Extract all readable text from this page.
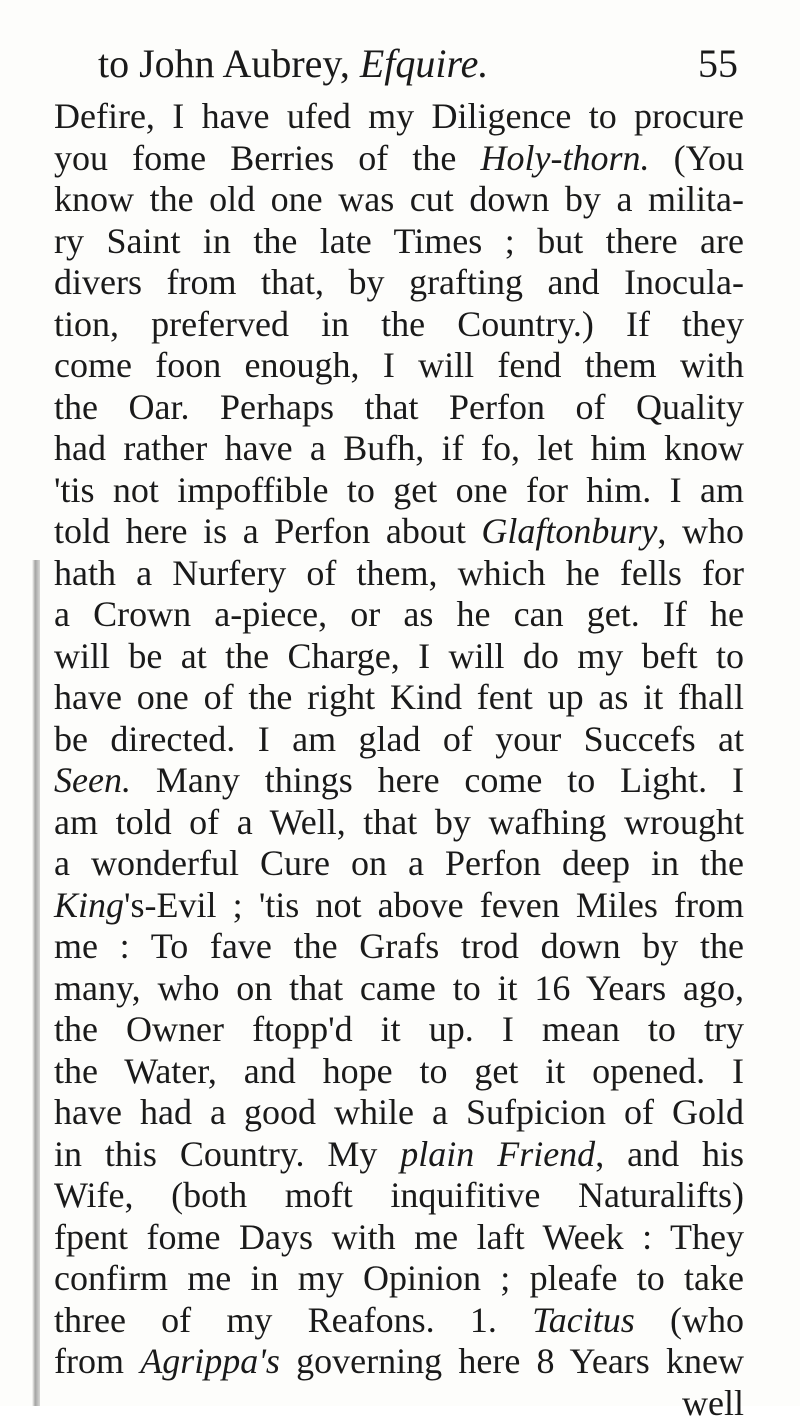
to John Aubrey, Efquire.	55
Defire, I have ufed my Diligence to procure
you fome Berries of the Holy-thorn. (You
know the old one was cut down by a milita-
ry Saint in the late Times ; but there are
divers from that, by grafting and Inocula-
tion, preferved in the Country.) If they
come foon enough, I will fend them with
the Oar. Perhaps that Perfon of Quality
had rather have a Bufh, if fo, let him know
'tis not impoffible to get one for him. I am
told here is a Perfon about Glaftonbury, who
hath a Nurfery of them, which he fells for
a Crown a-piece, or as he can get. If he
will be at the Charge, I will do my beft to
have one of the right Kind fent up as it fhall
be directed. I am glad of your Succefs at
Seen. Many things here come to Light. I
am told of a Well, that by wafhing wrought
a wonderful Cure on a Perfon deep in the
King's-Evil ; 'tis not above feven Miles from
me : To fave the Grafs trod down by the
many, who on that came to it 16 Years ago,
the Owner ftopp'd it up. I mean to try
the Water, and hope to get it opened. I
have had a good while a Sufpicion of Gold
in this Country. My plain Friend, and his
Wife, (both moft inquifitive Naturalifts)
fpent fome Days with me laft Week : They
confirm me in my Opinion ; pleafe to take
three of my Reafons. 1. Tacitus (who
from Agrippa's governing here 8 Years knew
well
